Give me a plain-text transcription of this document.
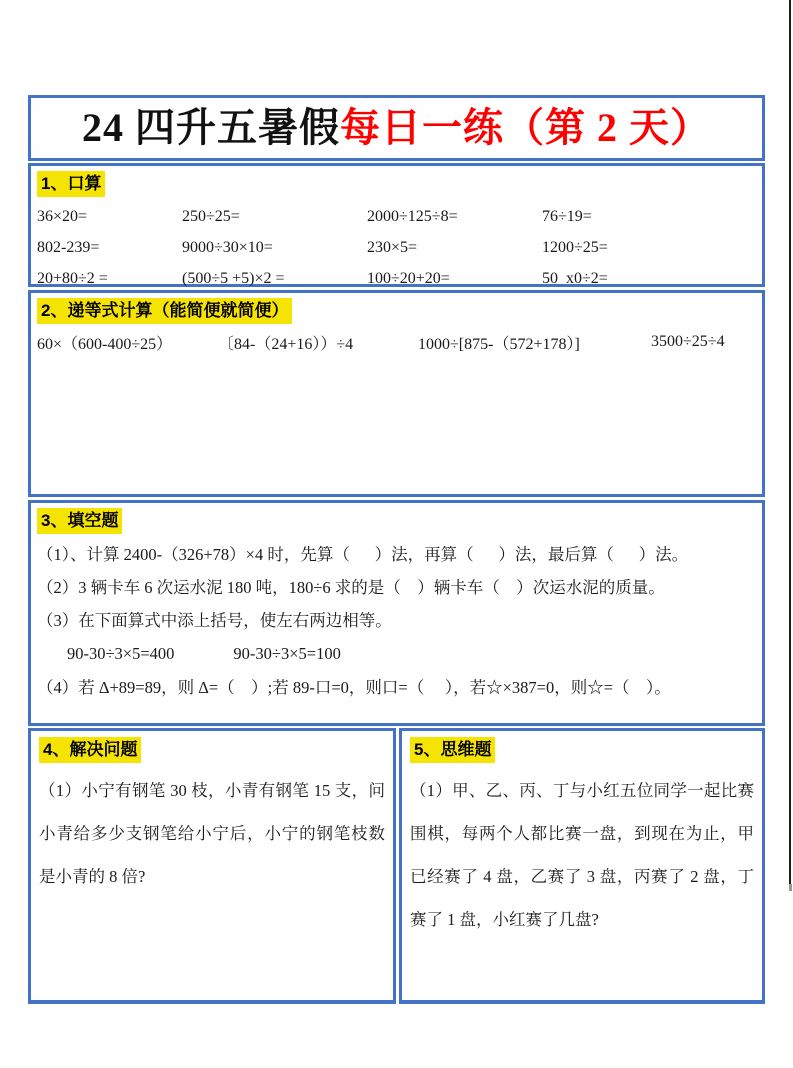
24 四升五暑假每日一练（第 2 天）
1、口算
36×20=	250÷25=	2000÷125÷8=	76÷19=
802-239=	9000÷30×10=	230×5=	1200÷25=
20+80÷2 =	(500÷5 +5)×2 =	100÷20+20=	50  x0÷2=
2、递等式计算（能简便就简便）
60×（600-400÷25）	〔84-（24+16））÷4	1000÷[875-（572+178）]	3500÷25÷4
3、填空题
（1）、计算 2400-（326+78）×4 时，先算（      ）法，再算（      ）法，最后算（      ）法。
（2）3 辆卡车 6 次运水泥 180 吨，180÷6 求的是（    ）辆卡车（    ）次运水泥的质量。
（3）在下面算式中添上括号，使左右两边相等。
90-30÷3×5=400	90-30÷3×5=100
（4）若 Δ+89=89，则 Δ=（    ）;若 89-口=0，则口=（     ），若☆×387=0，则☆=（    ）。
4、解决问题
（1）小宁有钢笔 30 枝，小青有钢笔 15 支，问小青给多少支钢笔给小宁后，小宁的钢笔枝数是小青的 8 倍?
5、思维题
（1）甲、乙、丙、丁与小红五位同学一起比赛围棋，每两个人都比赛一盘，到现在为止，甲已经赛了 4 盘，乙赛了 3 盘，丙赛了 2 盘，丁赛了 1 盘，小红赛了几盘?
